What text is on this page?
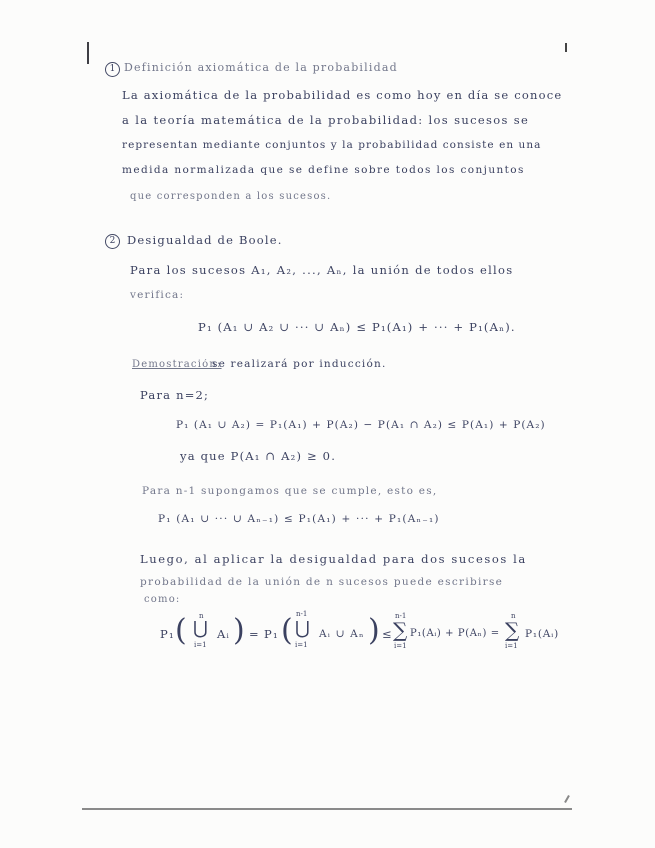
1 Definición axiomática de la probabilidad
La axiomática de la probabilidad es como hoy en día se conoce
a la teoría matemática de la probabilidad: los sucesos se
representan mediante conjuntos y la probabilidad consiste en una
medida normalizada que se define sobre todos los conjuntos
que corresponden a los sucesos.
2	Desigualdad de Boole.
Para los sucesos A₁, A₂, ..., Aₙ, la unión de todos ellos
verifica:
P₁ (A₁ ∪ A₂ ∪ ··· ∪ Aₙ) ≤ P₁(A₁) + ··· + P₁(Aₙ).
Demostración:
se realizará por inducción.
Para n=2;
P₁ (A₁ ∪ A₂) = P₁(A₁) + P(A₂) − P(A₁ ∩ A₂) ≤ P(A₁) + P(A₂)
ya que P(A₁ ∩ A₂) ≥ 0.
Para n-1 supongamos que se cumple, esto es,
P₁ (A₁ ∪ ··· ∪ Aₙ₋₁) ≤ P₁(A₁) + ··· + P₁(Aₙ₋₁)
Luego, al aplicar la desigualdad para dos sucesos la
probabilidad de la unión de n sucesos puede escribirse
como:
P₁ ( n
⋃
i=1
Aᵢ ) = P₁ ( n-1
⋃
i=1
Aᵢ ∪ Aₙ ) ≤
n-1
∑
i=1
P₁(Aᵢ) + P(Aₙ) =
n
∑
i=1
P₁(Aᵢ)
